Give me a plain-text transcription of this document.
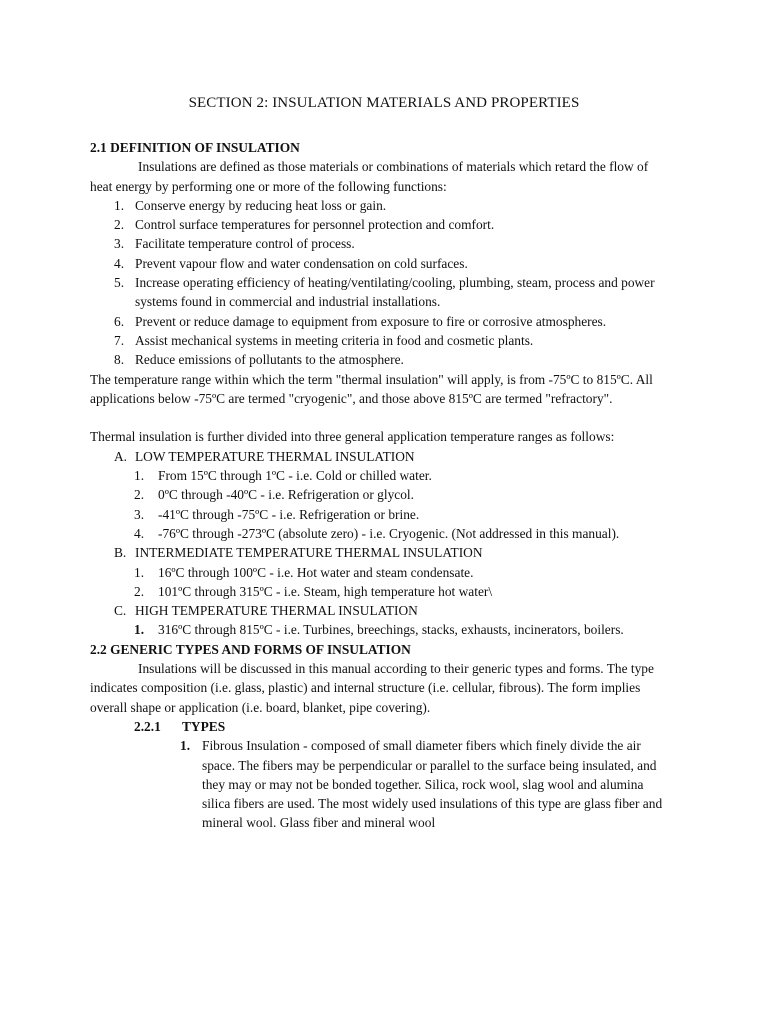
SECTION 2: INSULATION MATERIALS AND PROPERTIES
2.1 DEFINITION OF INSULATION
Insulations are defined as those materials or combinations of materials which retard the flow of heat energy by performing one or more of the following functions:
1. Conserve energy by reducing heat loss or gain.
2. Control surface temperatures for personnel protection and comfort.
3. Facilitate temperature control of process.
4. Prevent vapour flow and water condensation on cold surfaces.
5. Increase operating efficiency of heating/ventilating/cooling, plumbing, steam, process and power systems found in commercial and industrial installations.
6. Prevent or reduce damage to equipment from exposure to fire or corrosive atmospheres.
7. Assist mechanical systems in meeting criteria in food and cosmetic plants.
8. Reduce emissions of pollutants to the atmosphere.
The temperature range within which the term "thermal insulation" will apply, is from -75ºC to 815ºC. All applications below -75ºC are termed "cryogenic", and those above 815ºC are termed "refractory".
Thermal insulation is further divided into three general application temperature ranges as follows:
A. LOW TEMPERATURE THERMAL INSULATION
1.	From 15ºC through 1ºC - i.e. Cold or chilled water.
2.	0ºC through -40ºC - i.e. Refrigeration or glycol.
3.	-41ºC through -75ºC - i.e. Refrigeration or brine.
4.	-76ºC through -273ºC (absolute zero) - i.e. Cryogenic. (Not addressed in this manual).
B. INTERMEDIATE TEMPERATURE THERMAL INSULATION
1.	16ºC through 100ºC - i.e. Hot water and steam condensate.
2.	101ºC through 315ºC - i.e. Steam, high temperature hot water\
C. HIGH TEMPERATURE THERMAL INSULATION
1.	316ºC through 815ºC - i.e. Turbines, breechings, stacks, exhausts, incinerators, boilers.
2.2 GENERIC TYPES AND FORMS OF INSULATION
Insulations will be discussed in this manual according to their generic types and forms. The type indicates composition (i.e. glass, plastic) and internal structure (i.e. cellular, fibrous). The form implies overall shape or application (i.e. board, blanket, pipe covering).
2.2.1 TYPES
1. Fibrous Insulation - composed of small diameter fibers which finely divide the air space. The fibers may be perpendicular or parallel to the surface being insulated, and they may or may not be bonded together. Silica, rock wool, slag wool and alumina silica fibers are used. The most widely used insulations of this type are glass fiber and mineral wool. Glass fiber and mineral wool
